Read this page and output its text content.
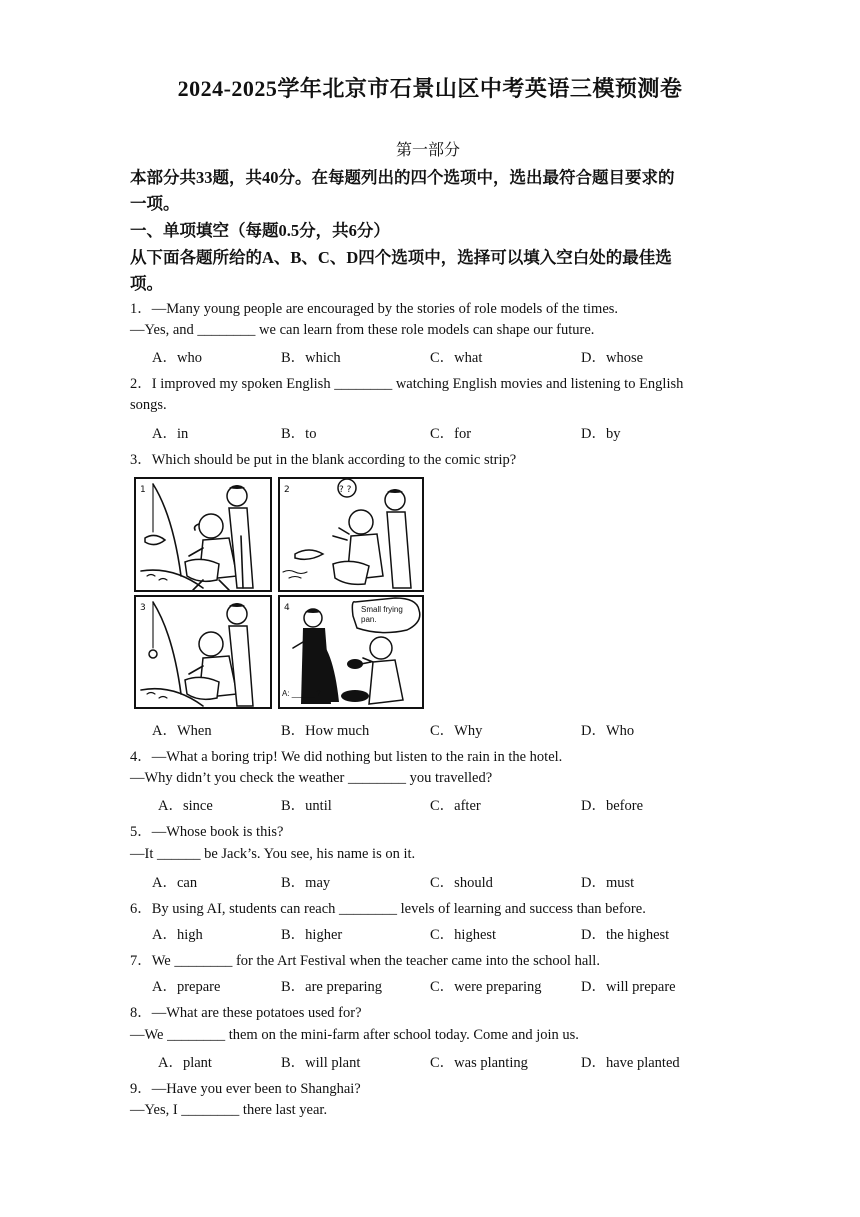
2024-2025学年北京市石景山区中考英语三模预测卷
第一部分
本部分共33题，共40分。在每题列出的四个选项中，选出最符合题目要求的
一项。
一、单项填空（每题0.5分，共6分）
从下面各题所给的A、B、C、D四个选项中，选择可以填入空白处的最佳选
项。
1．—Many young people are encouraged by the stories of role models of the times.
—Yes, and ________ we can learn from these role models can shape our future.
A．who	B．which	C．what	D．whose
2．I improved my spoken English ________ watching English movies and listening to English
songs.
A．in	B．to	C．for	D．by
3．Which should be put in the blank according to the comic strip?
1	2	? ?
3	4	Small frying
pan.
A: _____ ?
A．When	B．How much	C．Why	D．Who
4．—What a boring trip! We did nothing but listen to the rain in the hotel.
—Why didn’t you check the weather ________ you travelled?
A．since	B．until	C．after	D．before
5．—Whose book is this?
—It ______ be Jack’s. You see, his name is on it.
A．can	B．may	C．should	D．must
6．By using AI, students can reach ________ levels of learning and success than before.
A．high	B．higher	C．highest	D．the highest
7．We ________ for the Art Festival when the teacher came into the school hall.
A．prepare	B．are preparing	C．were preparing	D．will prepare
8．—What are these potatoes used for?
—We ________ them on the mini-farm after school today. Come and join us.
A．plant	B．will plant	C．was planting	D．have planted
9．—Have you ever been to Shanghai?
—Yes, I ________ there last year.
